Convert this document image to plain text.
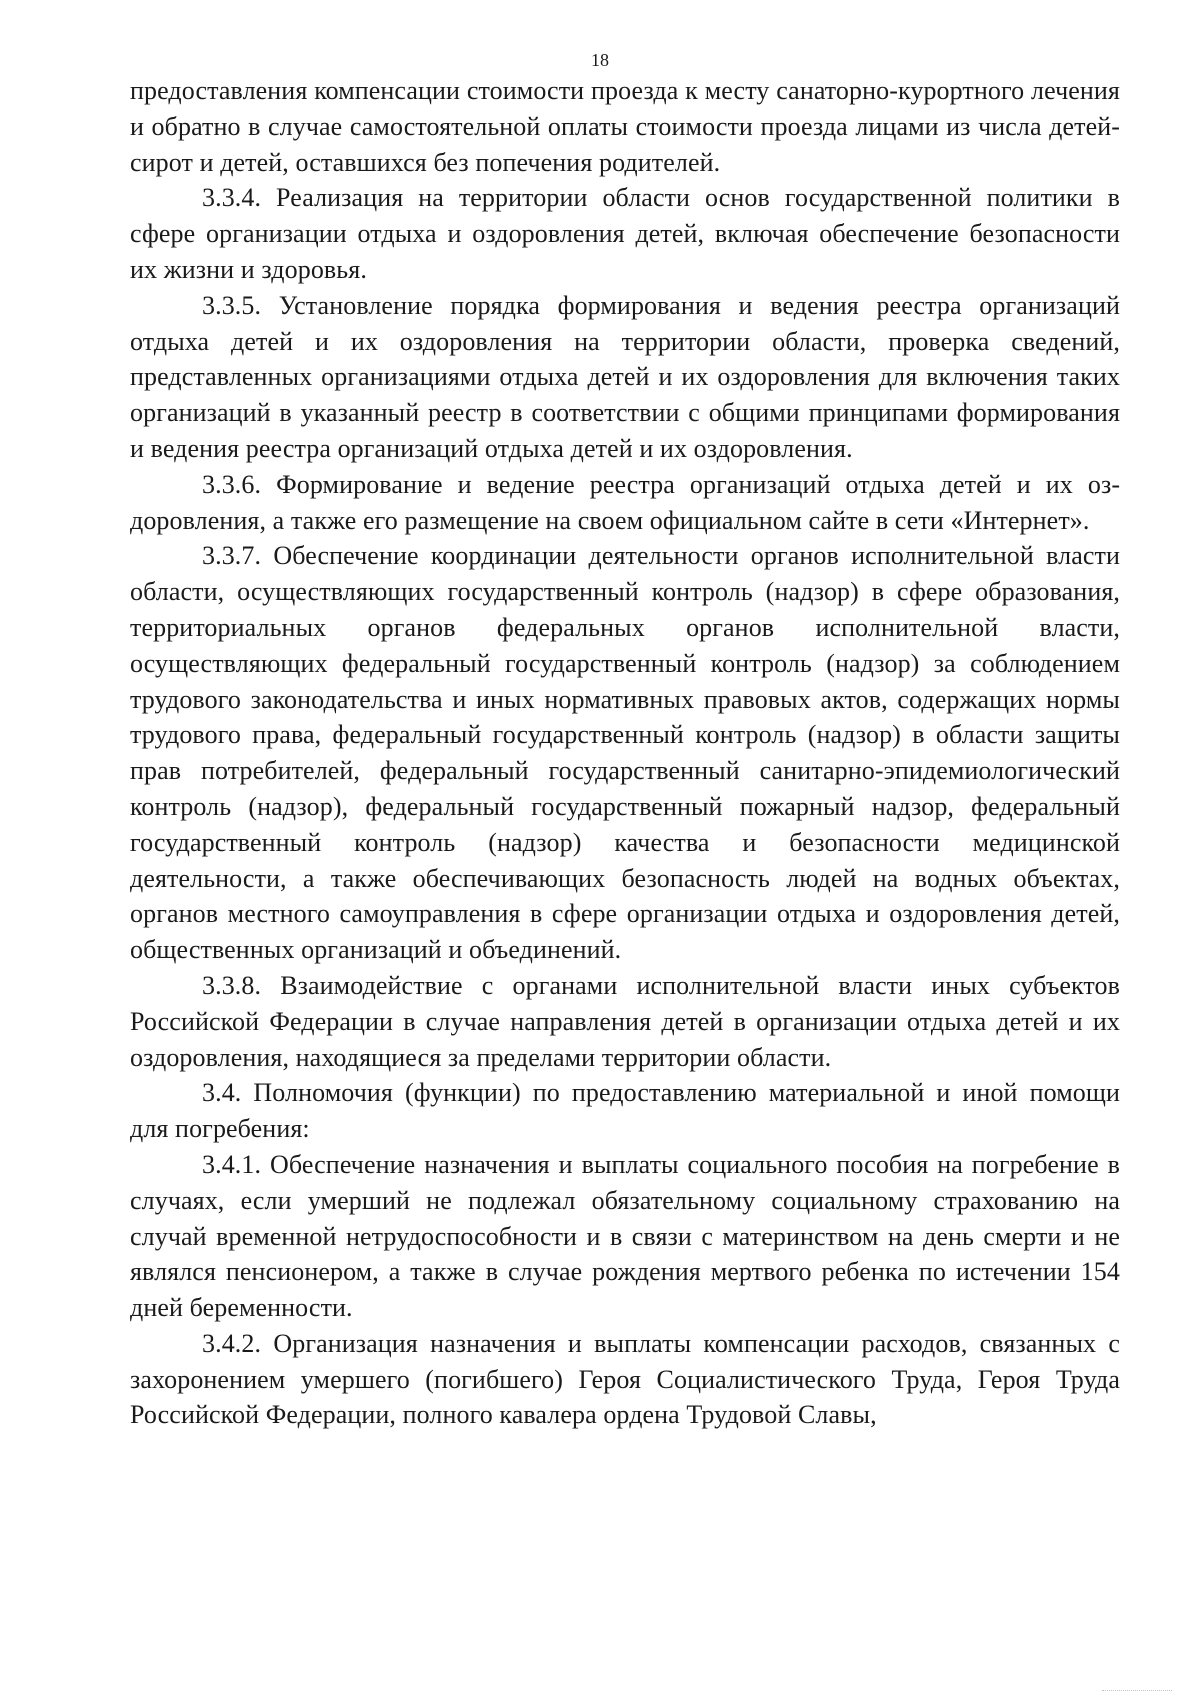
18

предоставления компенсации стоимости проезда к месту санаторно-курортного лечения и обратно в случае самостоятельной оплаты стоимости проезда лицами из числа детей-сирот и детей, оставшихся без попечения родителей.

3.3.4. Реализация на территории области основ государственной политики в сфере организации отдыха и оздоровления детей, включая обеспечение безопасности их жизни и здоровья.

3.3.5. Установление порядка формирования и ведения реестра организаций отдыха детей и их оздоровления на территории области, проверка сведений, представленных организациями отдыха детей и их оздоровления для включения таких организаций в указанный реестр в соответствии с общими принципами формирования и ведения реестра организаций отдыха детей и их оздоровления.

3.3.6. Формирование и ведение реестра организаций отдыха детей и их оздоровления, а также его размещение на своем официальном сайте в сети «Интернет».

3.3.7. Обеспечение координации деятельности органов исполнительной власти области, осуществляющих государственный контроль (надзор) в сфере образования, территориальных органов федеральных органов исполнительной власти, осуществляющих федеральный государственный контроль (надзор) за соблюдением трудового законодательства и иных нормативных правовых актов, содержащих нормы трудового права, федеральный государственный контроль (надзор) в области защиты прав потребителей, федеральный государственный санитарно-эпидемиологический контроль (надзор), федеральный государственный пожарный надзор, федеральный государственный контроль (надзор) качества и безопасности медицинской деятельности, а также обеспечивающих безопасность людей на водных объектах, органов местного самоуправления в сфере организации отдыха и оздоровления детей, общественных организаций и объединений.

3.3.8. Взаимодействие с органами исполнительной власти иных субъектов Российской Федерации в случае направления детей в организации отдыха детей и их оздоровления, находящиеся за пределами территории области.

3.4. Полномочия (функции) по предоставлению материальной и иной помощи для погребения:

3.4.1. Обеспечение назначения и выплаты социального пособия на погребение в случаях, если умерший не подлежал обязательному социальному страхованию на случай временной нетрудоспособности и в связи с материнством на день смерти и не являлся пенсионером, а также в случае рождения мертвого ребенка по истечении 154 дней беременности.

3.4.2. Организация назначения и выплаты компенсации расходов, связанных с захоронением умершего (погибшего) Героя Социалистического Труда, Героя Труда Российской Федерации, полного кавалера ордена Трудовой Славы,
